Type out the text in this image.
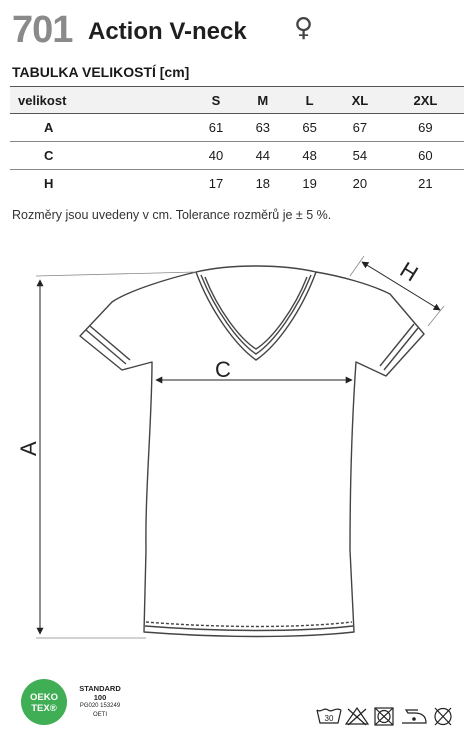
701 Action V-neck ♀
TABULKA VELIKOSTÍ [cm]
velikost	S	M	L	XL	2XL
A	61	63	65	67	69
C	40	44	48	54	60
H	17	18	19	20	21
Rozměry jsou uvedeny v cm. Tolerance rozměrů je ± 5 %.
A
C
H
OEKO
TEX®
STANDARD
100
PG020 153249
OETI	30
